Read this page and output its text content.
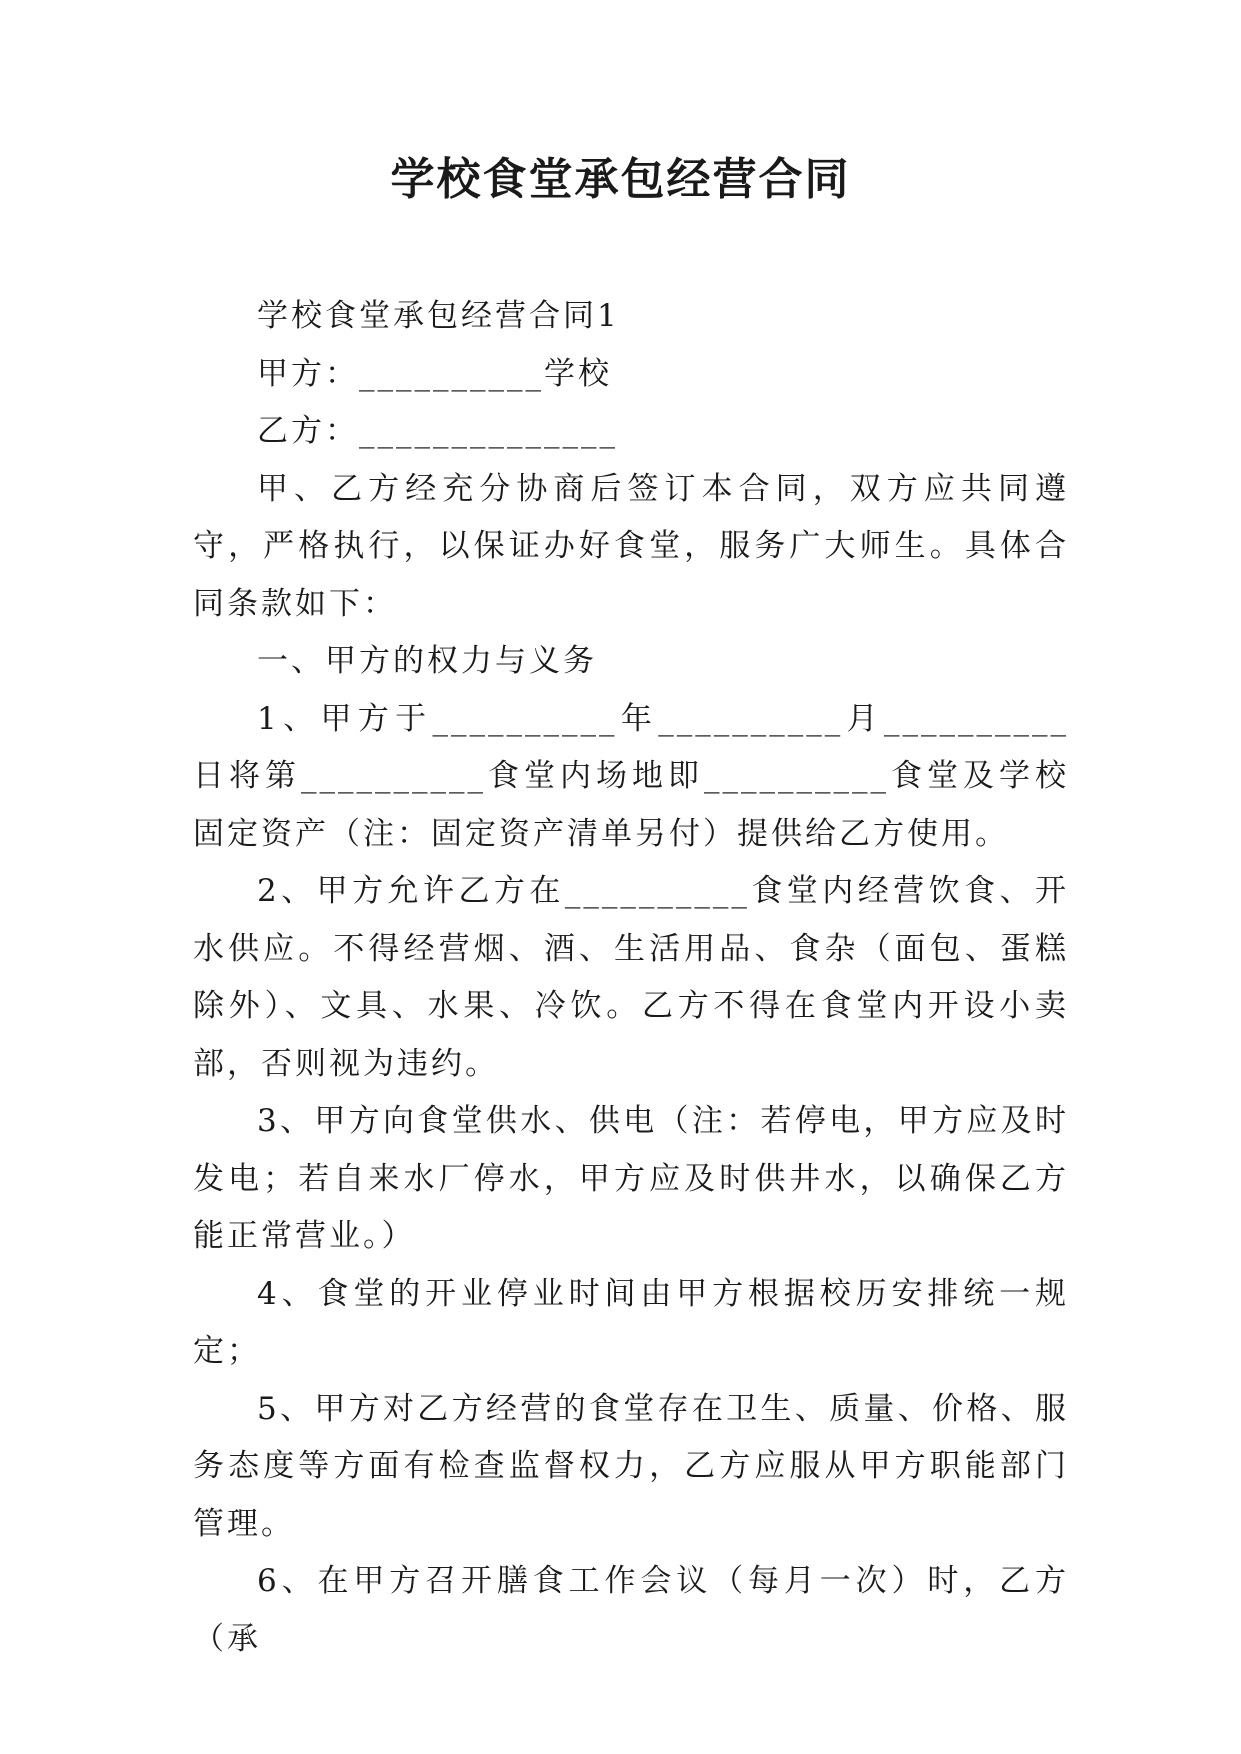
学校食堂承包经营合同

学校食堂承包经营合同1

甲方：__________学校

乙方：______________

甲、乙方经充分协商后签订本合同，双方应共同遵守，严格执行，以保证办好食堂，服务广大师生。具体合同条款如下：

一、甲方的权力与义务

1、甲方于__________年__________月__________日将第__________食堂内场地即__________食堂及学校固定资产（注：固定资产清单另付）提供给乙方使用。

2、甲方允许乙方在__________食堂内经营饮食、开水供应。不得经营烟、酒、生活用品、食杂（面包、蛋糕除外）、文具、水果、冷饮。乙方不得在食堂内开设小卖部，否则视为违约。

3、甲方向食堂供水、供电（注：若停电，甲方应及时发电；若自来水厂停水，甲方应及时供井水，以确保乙方能正常营业。）

4、食堂的开业停业时间由甲方根据校历安排统一规定；

5、甲方对乙方经营的食堂存在卫生、质量、价格、服务态度等方面有检查监督权力，乙方应服从甲方职能部门管理。

6、在甲方召开膳食工作会议（每月一次）时，乙方（承
